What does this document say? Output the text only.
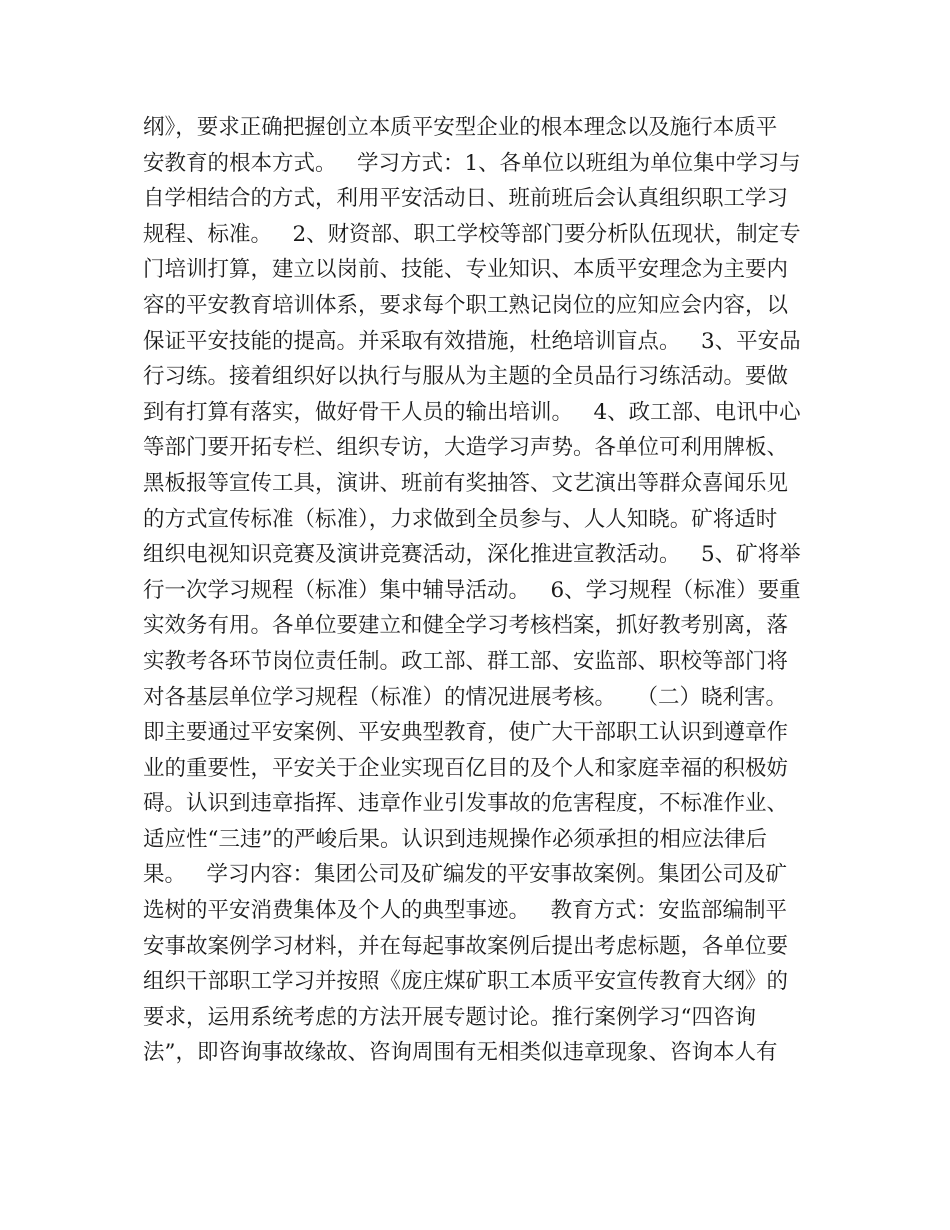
纲》，要求正确把握创立本质平安型企业的根本理念以及施行本质平
安教育的根本方式。   学习方式：1、各单位以班组为单位集中学习与
自学相结合的方式，利用平安活动日、班前班后会认真组织职工学习
规程、标准。   2、财资部、职工学校等部门要分析队伍现状，制定专
门培训打算，建立以岗前、技能、专业知识、本质平安理念为主要内
容的平安教育培训体系，要求每个职工熟记岗位的应知应会内容，以
保证平安技能的提高。并采取有效措施，杜绝培训盲点。   3、平安品
行习练。接着组织好以执行与服从为主题的全员品行习练活动。要做
到有打算有落实，做好骨干人员的输出培训。   4、政工部、电讯中心
等部门要开拓专栏、组织专访，大造学习声势。各单位可利用牌板、
黑板报等宣传工具，演讲、班前有奖抽答、文艺演出等群众喜闻乐见
的方式宣传标准（标准），力求做到全员参与、人人知晓。矿将适时
组织电视知识竞赛及演讲竞赛活动，深化推进宣教活动。   5、矿将举
行一次学习规程（标准）集中辅导活动。   6、学习规程（标准）要重
实效务有用。各单位要建立和健全学习考核档案，抓好教考别离，落
实教考各环节岗位责任制。政工部、群工部、安监部、职校等部门将
对各基层单位学习规程（标准）的情况进展考核。   （二）晓利害。
即主要通过平安案例、平安典型教育，使广大干部职工认识到遵章作
业的重要性，平安关于企业实现百亿目的及个人和家庭幸福的积极妨
碍。认识到违章指挥、违章作业引发事故的危害程度，不标准作业、
适应性“三违”的严峻后果。认识到违规操作必须承担的相应法律后
果。   学习内容：集团公司及矿编发的平安事故案例。集团公司及矿
选树的平安消费集体及个人的典型事迹。   教育方式：安监部编制平
安事故案例学习材料，并在每起事故案例后提出考虑标题，各单位要
组织干部职工学习并按照《庞庄煤矿职工本质平安宣传教育大纲》的
要求，运用系统考虑的方法开展专题讨论。推行案例学习“四咨询
法”，即咨询事故缘故、咨询周围有无相类似违章现象、咨询本人有
